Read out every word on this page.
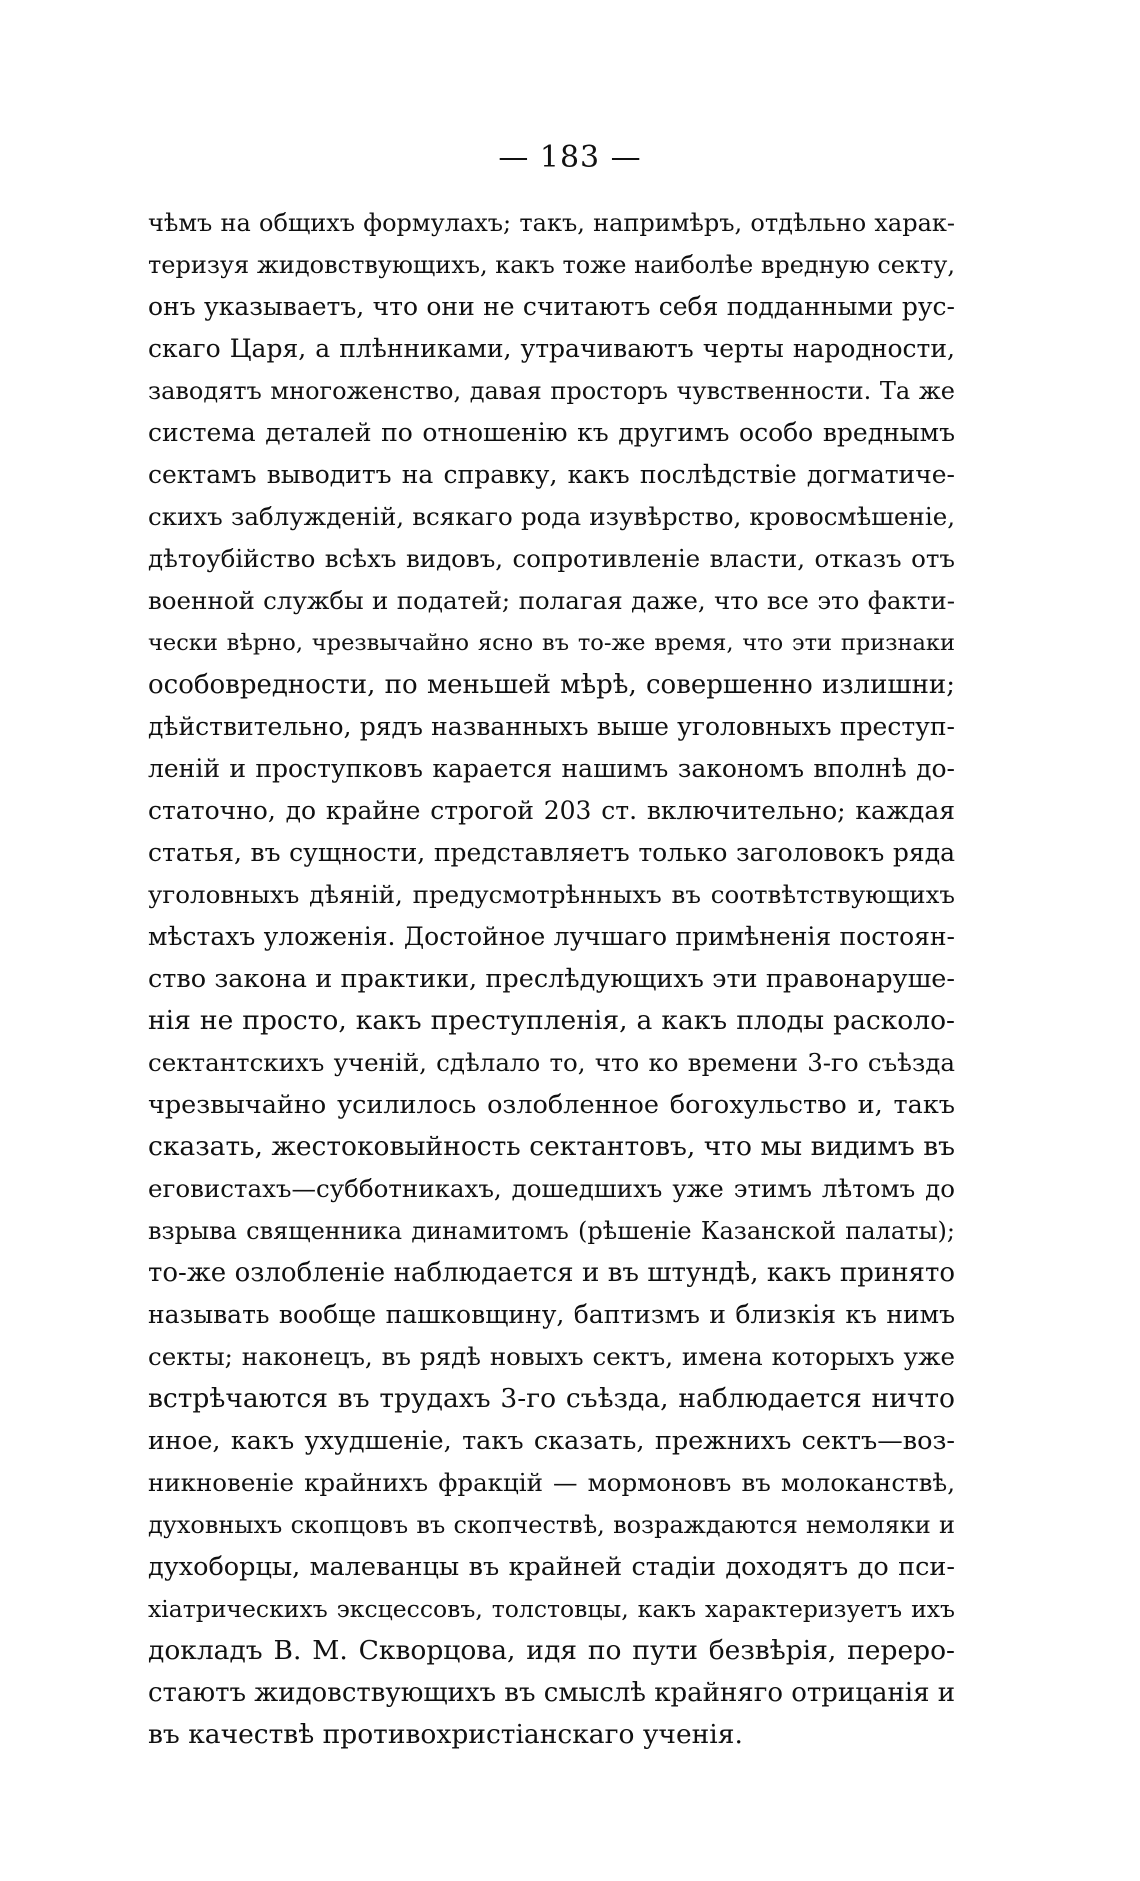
— 183 —
чѣмъ на общихъ формулахъ; такъ, напримѣръ, отдѣльно харак-
теризуя жидовствующихъ, какъ тоже наиболѣе вредную секту,
онъ указываетъ, что они не считаютъ себя подданными рус-
скаго Царя, а плѣнниками, утрачиваютъ черты народности,
заводятъ многоженство, давая просторъ чувственности. Та же
система деталей по отношенію къ другимъ особо вреднымъ
сектамъ выводитъ на справку, какъ послѣдствіе догматиче-
скихъ заблужденій, всякаго рода изувѣрство, кровосмѣшеніе,
дѣтоубійство всѣхъ видовъ, сопротивленіе власти, отказъ отъ
военной службы и податей; полагая даже, что все это факти-
чески вѣрно, чрезвычайно ясно въ то-же время, что эти признаки
особовредности, по меньшей мѣрѣ, совершенно излишни;
дѣйствительно, рядъ названныхъ выше уголовныхъ преступ-
леній и проступковъ карается нашимъ закономъ вполнѣ до-
статочно, до крайне строгой 203 ст. включительно; каждая
статья, въ сущности, представляетъ только заголовокъ ряда
уголовныхъ дѣяній, предусмотрѣнныхъ въ соотвѣтствующихъ
мѣстахъ уложенія. Достойное лучшаго примѣненія постоян-
ство закона и практики, преслѣдующихъ эти правонаруше-
нія не просто, какъ преступленія, а какъ плоды расколо-
сектантскихъ ученій, сдѣлало то, что ко времени 3-го съѣзда
чрезвычайно усилилось озлобленное богохульство и, такъ
сказать, жестоковыйность сектантовъ, что мы видимъ въ
еговистахъ—субботникахъ, дошедшихъ уже этимъ лѣтомъ до
взрыва священника динамитомъ (рѣшеніе Казанской палаты);
то-же озлобленіе наблюдается и въ штундѣ, какъ принято
называть вообще пашковщину, баптизмъ и близкія къ нимъ
секты; наконецъ, въ рядѣ новыхъ сектъ, имена которыхъ уже
встрѣчаются въ трудахъ 3-го съѣзда, наблюдается ничто
иное, какъ ухудшеніе, такъ сказать, прежнихъ сектъ—воз-
никновеніе крайнихъ фракцій — мормоновъ въ молоканствѣ,
духовныхъ скопцовъ въ скопчествѣ, возраждаются немоляки и
духоборцы, малеванцы въ крайней стадіи доходятъ до пси-
хіатрическихъ эксцессовъ, толстовцы, какъ характеризуетъ ихъ
докладъ В. М. Скворцова, идя по пути безвѣрія, переро-
стаютъ жидовствующихъ въ смыслѣ крайняго отрицанія и
въ качествѣ противохристіанскаго ученія.
